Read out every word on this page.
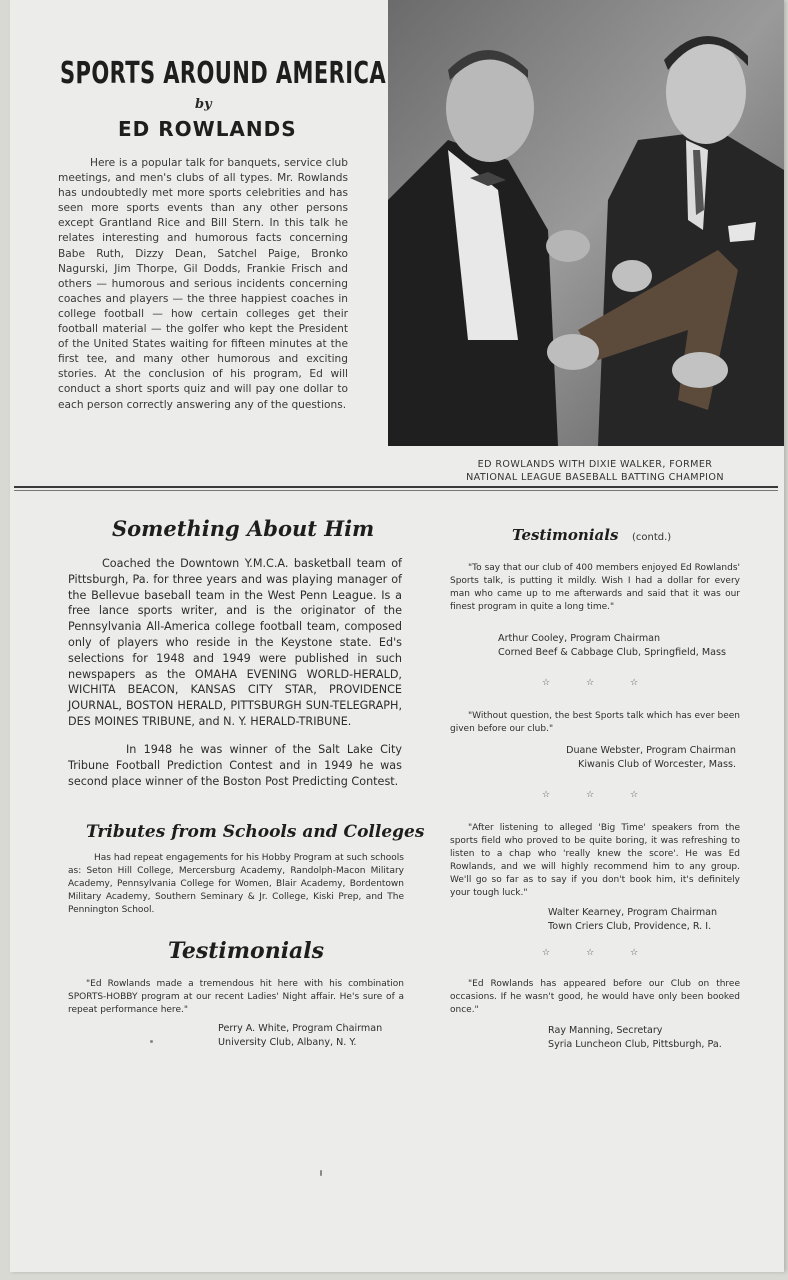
SPORTS AROUND AMERICA
by
ED ROWLANDS
Here is a popular talk for banquets, service club meetings, and men's clubs of all types. Mr. Rowlands has undoubtedly met more sports celebrities and has seen more sports events than any other persons except Grantland Rice and Bill Stern. In this talk he relates interesting and humorous facts concerning Babe Ruth, Dizzy Dean, Satchel Paige, Bronko Nagurski, Jim Thorpe, Gil Dodds, Frankie Frisch and others — humorous and serious incidents concerning coaches and players — the three happiest coaches in college football — how certain colleges get their football material — the golfer who kept the President of the United States waiting for fifteen minutes at the first tee, and many other humorous and exciting stories. At the conclusion of his program, Ed will conduct a short sports quiz and will pay one dollar to each person correctly answering any of the questions.
ED ROWLANDS WITH DIXIE WALKER, FORMER
NATIONAL LEAGUE BASEBALL BATTING CHAMPION
Something About Him
Coached the Downtown Y.M.C.A. basketball team of Pittsburgh, Pa. for three years and was playing manager of the Bellevue baseball team in the West Penn League. Is a free lance sports writer, and is the originator of the Pennsylvania All-America college football team, composed only of players who reside in the Keystone state. Ed's selections for 1948 and 1949 were published in such newspapers as the OMAHA EVENING WORLD-HERALD, WICHITA BEACON, KANSAS CITY STAR, PROVIDENCE JOURNAL, BOSTON HERALD, PITTSBURGH SUN-TELEGRAPH, DES MOINES TRIBUNE, and N. Y. HERALD-TRIBUNE.
In 1948 he was winner of the Salt Lake City Tribune Football Prediction Contest and in 1949 he was second place winner of the Boston Post Predicting Contest.
Tributes from Schools and Colleges
Has had repeat engagements for his Hobby Program at such schools as: Seton Hill College, Mercersburg Academy, Randolph-Macon Military Academy, Pennsylvania College for Women, Blair Academy, Bordentown Military Academy, Southern Seminary & Jr. College, Kiski Prep, and The Pennington School.
Testimonials
"Ed Rowlands made a tremendous hit here with his combination SPORTS-HOBBY program at our recent Ladies' Night affair. He's sure of a repeat performance here."
Perry A. White, Program Chairman
University Club, Albany, N. Y.
Testimonials (contd.)
"To say that our club of 400 members enjoyed Ed Rowlands' Sports talk, is putting it mildly. Wish I had a dollar for every man who came up to me afterwards and said that it was our finest program in quite a long time."
Arthur Cooley, Program Chairman
Corned Beef & Cabbage Club, Springfield, Mass
☆☆☆
"Without question, the best Sports talk which has ever been given before our club."
Duane Webster, Program Chairman
Kiwanis Club of Worcester, Mass.
☆☆☆
"After listening to alleged 'Big Time' speakers from the sports field who proved to be quite boring, it was refreshing to listen to a chap who 'really knew the score'. He was Ed Rowlands, and we will highly recommend him to any group. We'll go so far as to say if you don't book him, it's definitely your tough luck."
Walter Kearney, Program Chairman
Town Criers Club, Providence, R. I.
☆☆☆
"Ed Rowlands has appeared before our Club on three occasions. If he wasn't good, he would have only been booked once."
Ray Manning, Secretary
Syria Luncheon Club, Pittsburgh, Pa.
